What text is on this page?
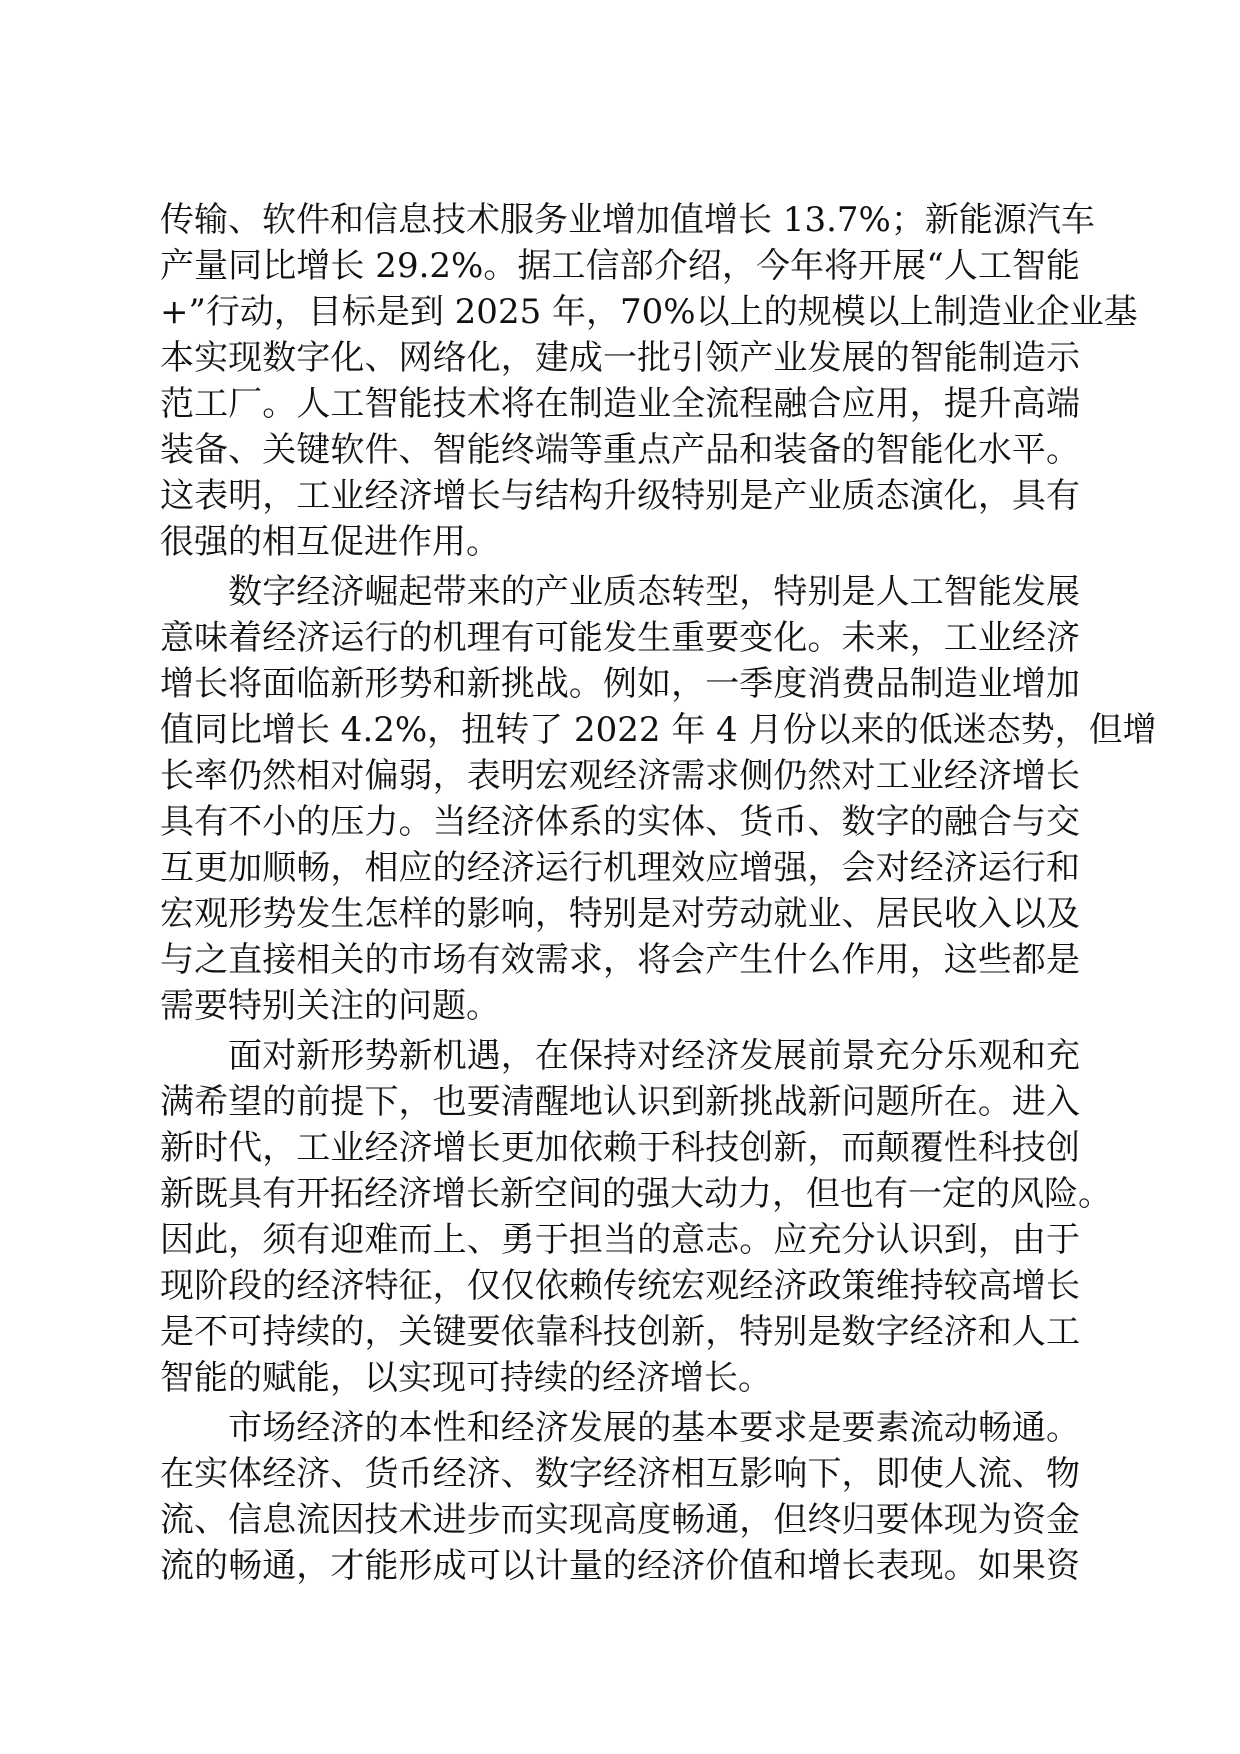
传输、软件和信息技术服务业增加值增长 13.7%；新能源汽车
产量同比增长 29.2%。据工信部介绍，今年将开展“人工智能
+”行动，目标是到 2025 年，70%以上的规模以上制造业企业基
本实现数字化、网络化，建成一批引领产业发展的智能制造示
范工厂。人工智能技术将在制造业全流程融合应用，提升高端
装备、关键软件、智能终端等重点产品和装备的智能化水平。
这表明，工业经济增长与结构升级特别是产业质态演化，具有
很强的相互促进作用。
　　数字经济崛起带来的产业质态转型，特别是人工智能发展
意味着经济运行的机理有可能发生重要变化。未来，工业经济
增长将面临新形势和新挑战。例如，一季度消费品制造业增加
值同比增长 4.2%，扭转了 2022 年 4 月份以来的低迷态势，但增
长率仍然相对偏弱，表明宏观经济需求侧仍然对工业经济增长
具有不小的压力。当经济体系的实体、货币、数字的融合与交
互更加顺畅，相应的经济运行机理效应增强，会对经济运行和
宏观形势发生怎样的影响，特别是对劳动就业、居民收入以及
与之直接相关的市场有效需求，将会产生什么作用，这些都是
需要特别关注的问题。
　　面对新形势新机遇，在保持对经济发展前景充分乐观和充
满希望的前提下，也要清醒地认识到新挑战新问题所在。进入
新时代，工业经济增长更加依赖于科技创新，而颠覆性科技创
新既具有开拓经济增长新空间的强大动力，但也有一定的风险。
因此，须有迎难而上、勇于担当的意志。应充分认识到，由于
现阶段的经济特征，仅仅依赖传统宏观经济政策维持较高增长
是不可持续的，关键要依靠科技创新，特别是数字经济和人工
智能的赋能，以实现可持续的经济增长。
　　市场经济的本性和经济发展的基本要求是要素流动畅通。
在实体经济、货币经济、数字经济相互影响下，即使人流、物
流、信息流因技术进步而实现高度畅通，但终归要体现为资金
流的畅通，才能形成可以计量的经济价值和增长表现。如果资
